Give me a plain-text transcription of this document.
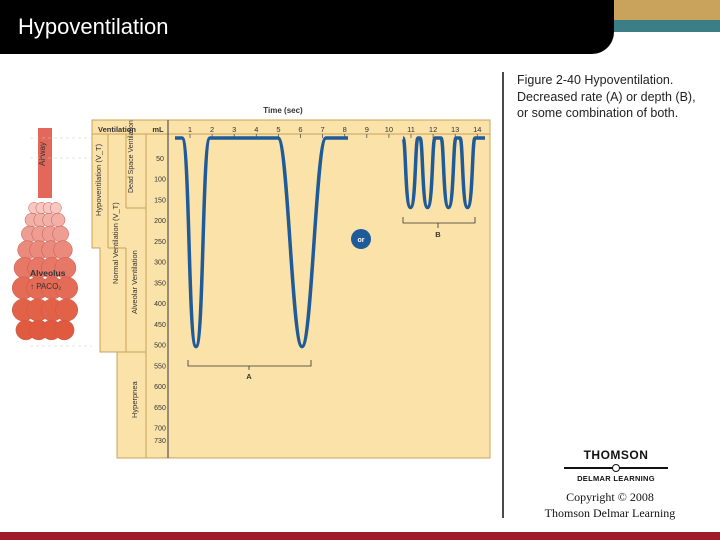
Hypoventilation
Airway
Alveolus
↑ PACO₂
Time (sec)
Ventilation mL	1 2 3 4 5 6 7 8 9 10 11 12 13 14
50
100
150
200
250
300
350
400
450
500
550
600
650
700
730
Hypoventilation (V_T)	Dead Space Ventilation
Normal Ventilation (V_T) Alveolar Ventilation
Hyperpnea
A
B
or
Figure 2-40 Hypoventilation. Decreased rate (A) or depth (B), or some combination of both.
THOMSON
DELMAR LEARNING
Copyright © 2008
Thomson Delmar Learning
